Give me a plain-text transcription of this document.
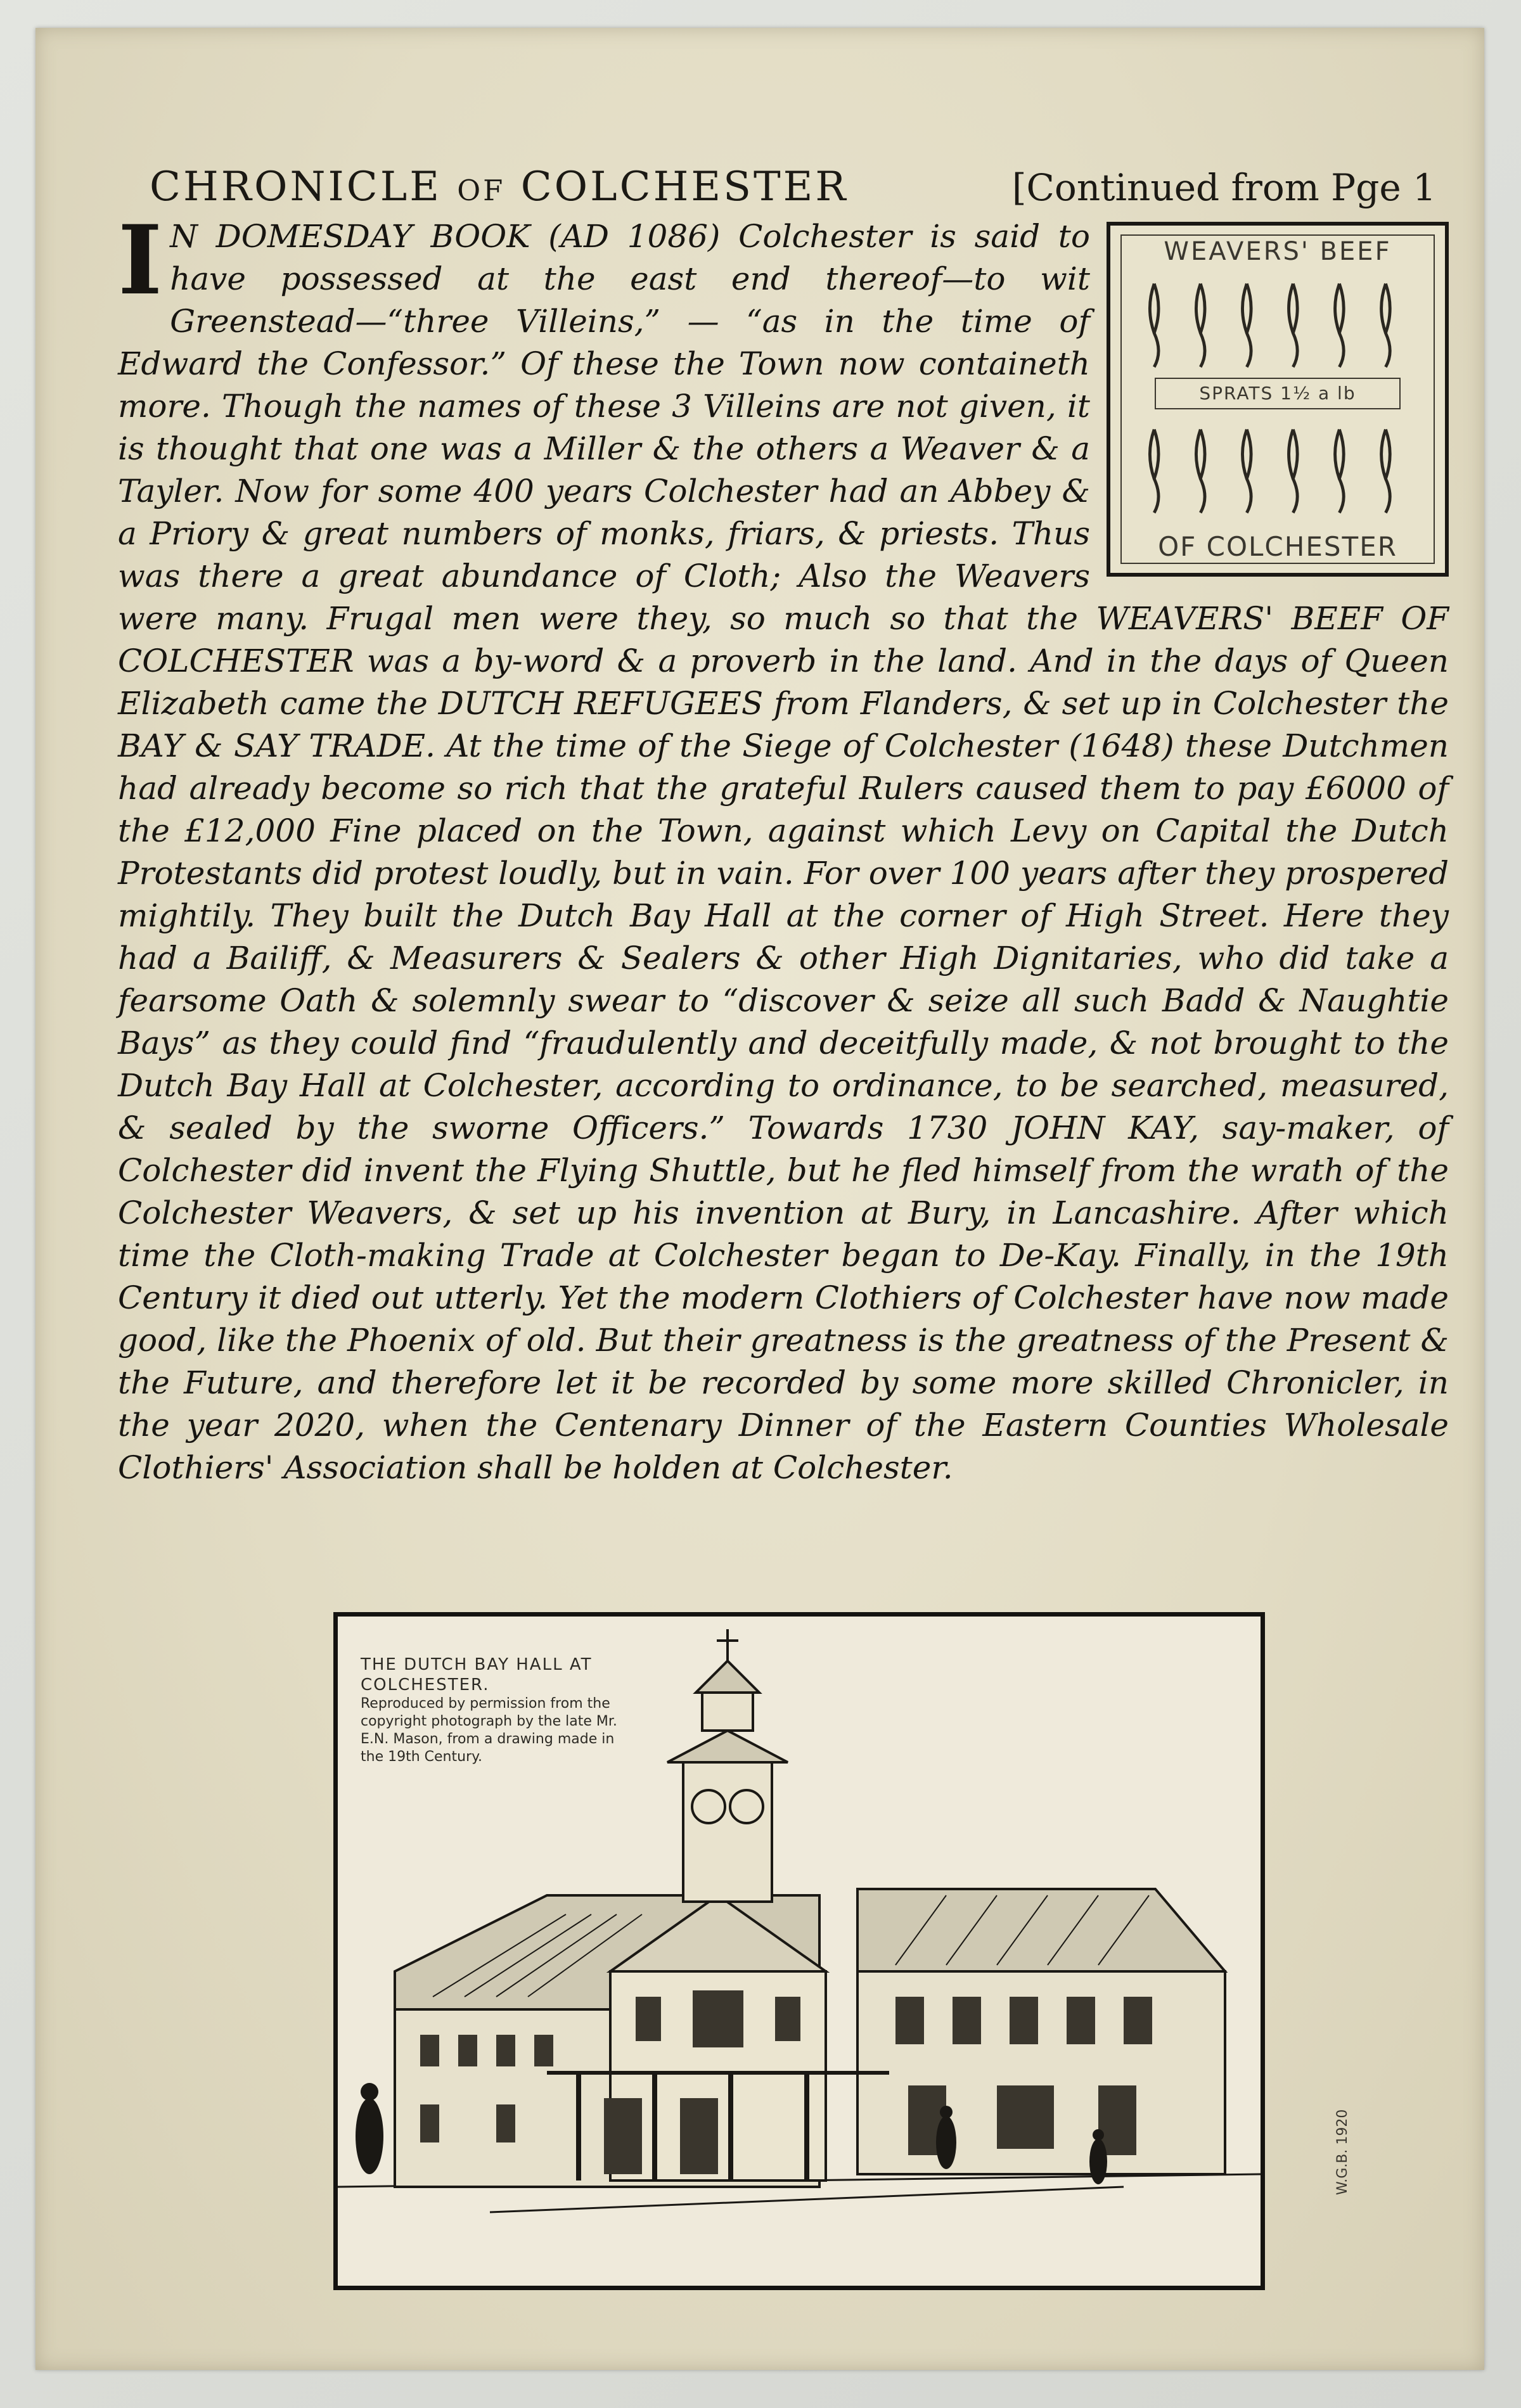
CHRONICLE of COLCHESTER	[Continued from Pge 1
WEAVERS' BEEF
SPRATS 1½ a lb
OF COLCHESTER
I N DOMESDAY BOOK (AD 1086) Colchester is said to have possessed at the east end thereof—to wit Greenstead—“three Villeins,” — “as in the time of Edward the Confessor.” Of these the Town now containeth more. Though the names of these 3 Villeins are not given, it is thought that one was a Miller & the others a Weaver & a Tayler. Now for some 400 years Colchester had an Abbey & a Priory & great numbers of monks, friars, & priests. Thus was there a great abundance of Cloth; Also the Weavers were many. Frugal men were they, so much so that the WEAVERS' BEEF OF COLCHESTER was a by-word & a proverb in the land. And in the days of Queen Elizabeth came the DUTCH REFUGEES from Flanders, & set up in Colchester the BAY & SAY TRADE. At the time of the Siege of Colchester (1648) these Dutchmen had already become so rich that the grateful Rulers caused them to pay £6000 of the £12,000 Fine placed on the Town, against which Levy on Capital the Dutch Protestants did protest loudly, but in vain. For over 100 years after they prospered mightily. They built the Dutch Bay Hall at the corner of High Street. Here they had a Bailiff, & Measurers & Sealers & other High Dignitaries, who did take a fearsome Oath & solemnly swear to “discover & seize all such Badd & Naughtie Bays” as they could find “fraudulently and deceitfully made, & not brought to the Dutch Bay Hall at Colchester, according to ordinance, to be searched, measured, & sealed by the sworne Officers.” Towards 1730 JOHN KAY, say-maker, of Colchester did invent the Flying Shuttle, but he fled himself from the wrath of the Colchester Weavers, & set up his invention at Bury, in Lancashire. After which time the Cloth-making Trade at Colchester began to De-Kay. Finally, in the 19th Century it died out utterly. Yet the modern Clothiers of Colchester have now made good, like the Phoenix of old. But their greatness is the greatness of the Present & the Future, and therefore let it be recorded by some more skilled Chronicler, in the year 2020, when the Centenary Dinner of the Eastern Counties Wholesale Clothiers' Association shall be holden at Colchester.
THE DUTCH BAY HALL AT COLCHESTER.
Reproduced by permission from the copyright photograph by the late Mr. E.N. Mason, from a drawing made in the 19th Century.
W.G.B. 1920
